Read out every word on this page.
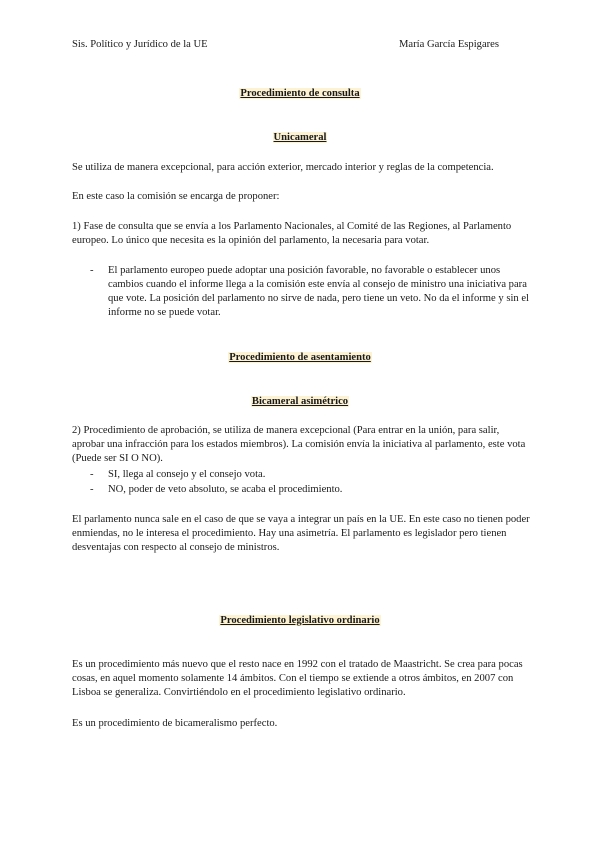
Sis. Político y Jurídico de la UE	María García Espigares
Procedimiento de consulta
Unicameral
Se utiliza de manera excepcional, para acción exterior, mercado interior y reglas de la competencia.
En este caso la comisión se encarga de proponer:
1) Fase de consulta que se envía a los Parlamento Nacionales, al Comité de las Regiones, al Parlamento europeo. Lo único que necesita es la opinión del parlamento, la necesaria para votar.
-	El parlamento europeo puede adoptar una posición favorable, no favorable o establecer unos cambios cuando el informe llega a la comisión este envía al consejo de ministro una iniciativa para que vote. La posición del parlamento no sirve de nada, pero tiene un veto. No da el informe y sin el informe no se puede votar.
Procedimiento de asentamiento
Bicameral asimétrico
2) Procedimiento de aprobación, se utiliza de manera excepcional (Para entrar en la unión, para salir, aprobar una infracción para los estados miembros). La comisión envía la iniciativa al parlamento, este vota (Puede ser SI O NO).
-	SI, llega al consejo y el consejo vota.
-	NO, poder de veto absoluto, se acaba el procedimiento.
El parlamento nunca sale en el caso de que se vaya a integrar un país en la UE. En este caso no tienen poder enmiendas, no le interesa el procedimiento. Hay una asimetría. El parlamento es legislador pero tienen desventajas con respecto al consejo de ministros.
Procedimiento legislativo ordinario
Es un procedimiento más nuevo que el resto nace en 1992 con el tratado de Maastricht. Se crea para pocas cosas, en aquel momento solamente 14 ámbitos. Con el tiempo se extiende a otros ámbitos, en 2007 con Lisboa se generaliza. Convirtiéndolo en el procedimiento legislativo ordinario.
Es un procedimiento de bicameralismo perfecto.
